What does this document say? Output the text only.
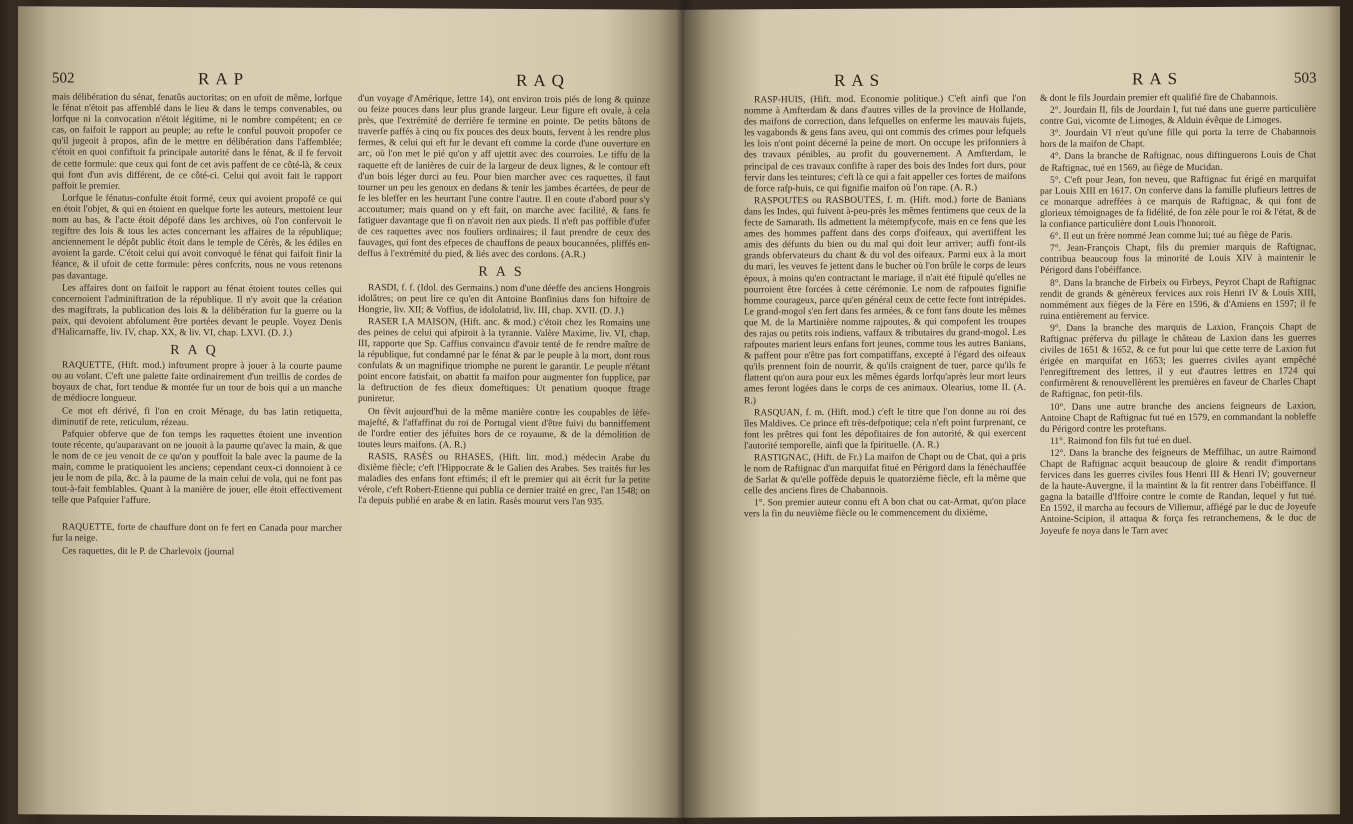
502	RAP	RAQ

mais délibération du sénat, fenatûs auctoritas; on en ufoit de même, lorfque le fénat n'étoit pas affemblé dans le lieu & dans le temps convenables, ou lorfque ni la convocation n'étoit légitime, ni le nombre compétent; en ce cas, on faifoit le rapport au peuple; au refte le conful pouvoit propofer ce qu'il jugeoit à propos, afin de le mettre en délibération dans l'affemblée; c'étoit en quoi confiftoit fa principale autorité dans le fénat, & il fe fervoit de cette formule: que ceux qui font de cet avis paffent de ce côté-là, & ceux qui font d'un avis différent, de ce côté-ci. Celui qui avoit fait le rapport paffoit le premier.

Lorfque le fénatus-confulte étoit formé, ceux qui avoient propofé ce qui en étoit l'objet, & qui en étoient en quelque forte les auteurs, mettoient leur nom au bas, & l'acte étoit dépofé dans les archives, où l'on confervoit le regiftre des lois & tous les actes concernant les affaires de la république; anciennement le dépôt public étoit dans le temple de Cérès, & les édiles en avoient la garde. C'étoit celui qui avoit convoqué le fénat qui faifoit finir la féance, & il ufoit de cette formule: pères confcrits, nous ne vous retenons pas davantage.

Les affaires dont on faifoit le rapport au fénat étoient toutes celles qui concernoient l'adminiftration de la république. Il n'y avoit que la création des magiftrats, la publication des lois & la délibération fur la guerre ou la paix, qui devoient abfolument être portées devant le peuple. Voyez Denis d'Halicarnaffe, liv. IV, chap. XX, & liv. VI, chap. LXVI. (D. J.)

RAQ

RAQUETTE, (Hift. mod.) inftrument propre à jouer à la courte paume ou au volant. C'eft une palette faite ordinairement d'un treillis de cordes de boyaux de chat, fort tendue & montée fur un tour de bois qui a un manche de médiocre longueur.

Ce mot eft dérivé, fi l'on en croit Ménage, du bas latin retiquetta, diminutif de rete, reticulum, rézeau.

Pafquier obferve que de fon temps les raquettes étoient une invention toute récente, qu'auparavant on ne jouoit à la paume qu'avec la main, & que le nom de ce jeu venoit de ce qu'on y pouffoit la bale avec la paume de la main, comme le pratiquoient les anciens; cependant ceux-ci donnoient à ce jeu le nom de pila, &c. à la paume de la main celui de vola, qui ne font pas tout-à-fait femblables. Quant à la manière de jouer, elle étoit effectivement telle que Pafquier l'affure.

RAQUETTE, forte de chauffure dont on fe fert en Canada pour marcher fur la neige.

Ces raquettes, dit le P. de Charlevoix (journal

d'un voyage d'Amérique, lettre 14), ont environ trois piés de long & quinze ou feize pouces dans leur plus grande largeur. Leur figure eft ovale, à cela près, que l'extrémité de derrière fe termine en pointe. De petits bâtons de traverfe paffés à cinq ou fix pouces des deux bouts, fervent à les rendre plus fermes, & celui qui eft fur le devant eft comme la corde d'une ouverture en arc, où l'on met le pié qu'on y aff ujettit avec des courroies. Le tiffu de la raquette eft de lanières de cuir de la largeur de deux lignes, & le contour eft d'un bois léger durci au feu. Pour bien marcher avec ces raquettes, il faut tourner un peu les genoux en dedans & tenir les jambes écartées, de peur de fe les bleffer en les heurtant l'une contre l'autre. Il en coute d'abord pour s'y accoutumer; mais quand on y eft fait, on marche avec facilité, & fans fe fatiguer davantage que fi on n'avoit rien aux pieds. Il n'eft pas poffible d'ufer de ces raquettes avec nos fouliers ordinaires; il faut prendre de ceux des fauvages, qui font des efpeces de chauffons de peaux boucannées, pliffés en-deffus à l'extrémité du pied, & liés avec des cordons. (A.R.)

RAS

RASDI, f. f. (Idol. des Germains.) nom d'une déeffe des anciens Hongrois idolâtres; on peut lire ce qu'en dit Antoine Bonfinius dans fon hiftoire de Hongrie, liv. XII; & Voffius, de idololatrid, liv. III, chap. XVII. (D. J.)

RASER LA MAISON, (Hift. anc. & mod.) c'étoit chez les Romains une des peines de celui qui afpiroit à la tyrannie. Valère Maxime, liv. VI, chap. III, rapporte que Sp. Caffius convaincu d'avoir tenté de fe rendre maître de la république, fut condamné par le fénat & par le peuple à la mort, dont rous confulats & un magnifique triomphe ne purent le garantir. Le peuple n'étant point encore fatisfait, on abattit fa maifon pour augmenter fon fupplice, par la deftruction de fes dieux domeftiques: Ut penatium quoque ftrage puniretur.

On fèvit aujourd'hui de la même manière contre les coupables de lèfe-majefté, & l'affaffinat du roi de Portugal vient d'être fuivi du banniffement de l'ordre entier des jéfuites hors de ce royaume, & de la démolition de toutes leurs maifons. (A. R.)

RASIS, RASÈS ou RHASES, (Hift. litt. mod.) médecin Arabe du dixième fiècle; c'eft l'Hippocrate & le Galien des Arabes. Ses traités fur les maladies des enfans font eftimés; il eft le premier qui ait écrit fur la petite vérole, c'eft Robert-Etienne qui publia ce dernier traité en grec, l'an 1548; on l'a depuis publié en arabe & en latin. Rasès mourut vers l'an 935.

RAS	RAS	503

RASP-HUIS, (Hift. mod. Economie politique.) C'eft ainfi que l'on nomme à Amfterdam & dans d'autres villes de la province de Hollande, des maifons de correction, dans lefquelles on enferme les mauvais fujets, les vagabonds & gens fans aveu, qui ont commis des crimes pour lefquels les lois n'ont point décerné la peine de mort. On occupe les prifonniers à des travaux pénibles, au profit du gouvernement. A Amfterdam, le principal de ces travaux confifte à raper des bois des Indes fort durs, pour fervir dans les teintures; c'eft là ce qui a fait appeller ces fortes de maifons de force rafp-huis, ce qui fignifie maifon où l'on rape. (A. R.)

RASPOUTES ou RASBOUTES, f. m. (Hift. mod.) forte de Banians dans les Indes, qui fuivent à-peu-près les mêmes fentimens que ceux de la fecte de Samarath. Ils admettent la métempfycofe, mais en ce fens que les ames des hommes paffent dans des corps d'oifeaux, qui avertiffent les amis des défunts du bien ou du mal qui doit leur arriver; auffi font-ils grands obfervateurs du chant & du vol des oifeaux. Parmi eux à la mort du mari, les veuves fe jettent dans le bucher où l'on brûle le corps de leurs époux, à moins qu'en contractant le mariage, il n'ait été ftipulé qu'elles ne pourroient être forcées à cette cérémonie. Le nom de rafpoutes fignifie homme courageux, parce qu'en général ceux de cette fecte font intrépides. Le grand-mogol s'en fert dans fes armées, & ce font fans doute les mêmes que M. de la Martinière nomme rajpoutes, & qui compofent les troupes des rajas ou petits rois indiens, vaffaux & tributaires du grand-mogol. Les rafpoutes marient leurs enfans fort jeunes, comme tous les autres Banians, & paffent pour n'être pas fort compatiffans, excepté à l'égard des oifeaux qu'ils prennent foin de nourrir, & qu'ils craignent de tuer, parce qu'ils fe flattent qu'on aura pour eux les mêmes égards lorfqu'après leur mort leurs ames feront logées dans le corps de ces animaux. Olearius, tome II. (A. R.)

RASQUAN, f. m. (Hift. mod.) c'eft le titre que l'on donne au roi des îles Maldives. Ce prince eft très-defpotique; cela n'eft point furprenant, ce font les prêtres qui font les dépofitaires de fon autorité, & qui exercent l'autorité temporelle, ainfi que la fpirituelle. (A. R.)

RASTIGNAC, (Hift. de Fr.) La maifon de Chapt ou de Chat, qui a pris le nom de Raftignac d'un marquifat fitué en Périgord dans la fénéchauffée de Sarlat & qu'elle poffède depuis le quatorzième fiècle, eft la même que celle des anciens fires de Chabannois.

1°. Son premier auteur connu eft A bon chat ou cat-Armat, qu'on place vers la fin du neuvième fiècle ou le commencement du dixième,

& dont le fils Jourdain premier eft qualifié fire de Chabannois.

2°. Jourdain II, fils de Jourdain I, fut tué dans une guerre particulière contre Gui, vicomte de Limoges, & Alduin évêque de Limoges.

3°. Jourdain VI n'eut qu'une fille qui porta la terre de Chabannois hors de la maifon de Chapt.

4°. Dans la branche de Raftignac, nous diftinguerons Louis de Chat de Raftignac, tué en 1569, au fiège de Mucidan.

5°. C'eft pour Jean, fon neveu, que Raftignac fut érigé en marquifat par Louis XIII en 1617. On conferve dans la famille plufieurs lettres de ce monarque adreffées à ce marquis de Raftignac, & qui font de glorieux témoignages de fa fidélité, de fon zèle pour le roi & l'état, & de la confiance particulière dont Louis l'honoroit.

6°. Il eut un frère nommé Jean comme lui; tué au fiège de Paris.

7°. Jean-François Chapt, fils du premier marquis de Raftignac, contribua beaucoup fous la minorité de Louis XIV à maintenir le Périgord dans l'obéiffance.

8°. Dans la branche de Firbeix ou Firbeys, Peyrot Chapt de Raftignac rendit de grands & généreux fervices aux rois Henri IV & Louis XIII, nommément aux fièges de la Fère en 1596, & d'Amiens en 1597; il fe ruina entièrement au fervice.

9°. Dans la branche des marquis de Laxion, François Chapt de Raftignac préferva du pillage le château de Laxion dans les guerres civiles de 1651 & 1652, & ce fut pour lui que cette terre de Laxion fut érigée en marquifat en 1653; les guerres civiles ayant empêché l'enregiftrement des lettres, il y eut d'autres lettres en 1724 qui confirmèrent & renouvellèrent les premières en faveur de Charles Chapt de Raftignac, fon petit-fils.

10°. Dans une autre branche des anciens feigneurs de Laxion, Antoine Chapt de Raftignac fut tué en 1579, en commandant la nobleffe du Périgord contre les proteftans.

11°. Raimond fon fils fut tué en duel.

12°. Dans la branche des feigneurs de Meffilhac, un autre Raimond Chapt de Raftignac acquit beaucoup de gloire & rendit d'importans fervices dans les guerres civiles fous Henri III & Henri IV; gouverneur de la haute-Auvergne, il la maintint & la fit rentrer dans l'obéiffance. Il gagna la bataille d'Iffoire contre le comte de Randan, lequel y fut tué. En 1592, il marcha au fecours de Villemur, affiégé par le duc de Joyeufe Antoine-Scipion, il attaqua & força fes retranchemens, & le duc de Joyeufe fe noya dans le Tarn avec
